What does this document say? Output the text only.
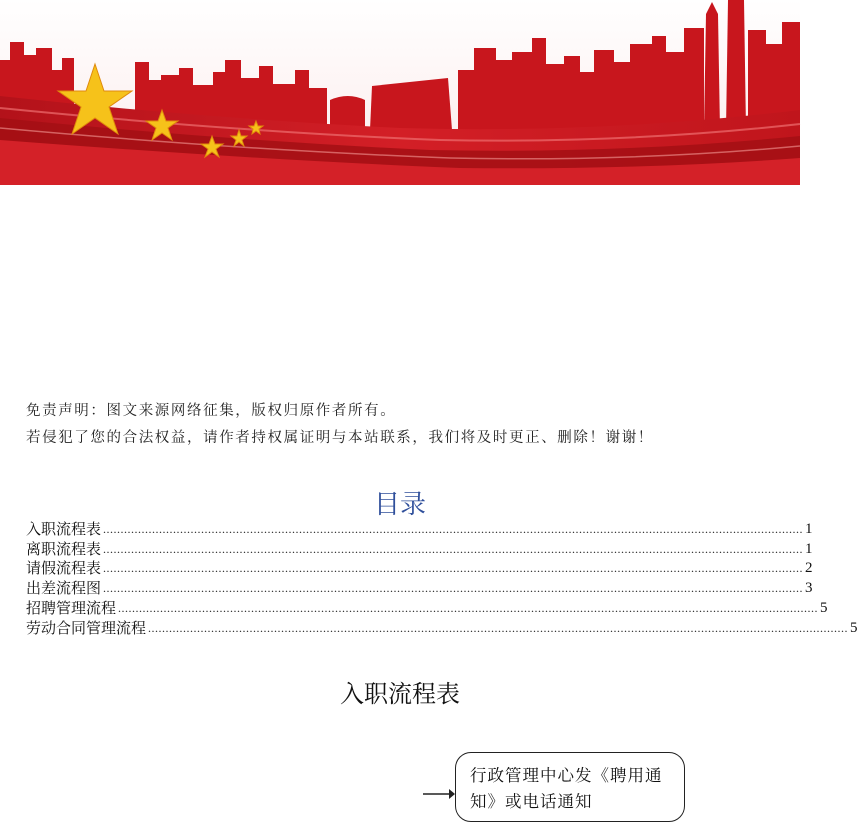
免责声明：图文来源网络征集，版权归原作者所有。
若侵犯了您的合法权益，请作者持权属证明与本站联系，我们将及时更正、删除！谢谢！
目录
入职流程表 ........................................................................................................................................................................................................ 1
离职流程表 ........................................................................................................................................................................................................ 1
请假流程表 ........................................................................................................................................................................................................ 2
出差流程图 ........................................................................................................................................................................................................ 3
招聘管理流程 ........................................................................................................................................................................................................ 5
劳动合同管理流程 ........................................................................................................................................................................................................ 5
入职流程表
行政管理中心发《聘用通知》或电话通知
